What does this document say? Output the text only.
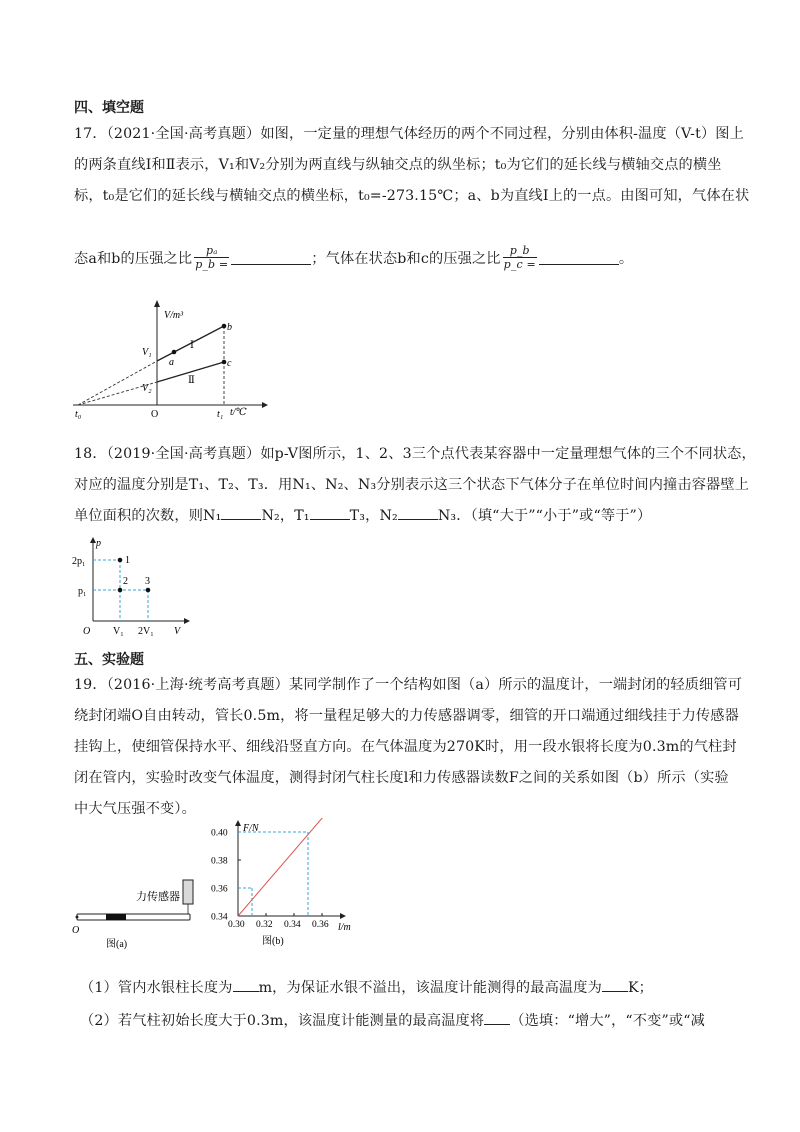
四、填空题
17．（2021·全国·高考真题）如图，一定量的理想气体经历的两个不同过程，分别由体积-温度（V-t）图上
的两条直线Ⅰ和Ⅱ表示，V₁和V₂分别为两直线与纵轴交点的纵坐标；t₀为它们的延长线与横轴交点的横坐
标，t₀是它们的延长线与横轴交点的横坐标，t₀=-273.15℃；a、b为直线Ⅰ上的一点。由图可知，气体在状
态a和b的压强之比 $\frac{\text{pₐ}}{p\_b =}$	；气体在状态b和c的压强之比 $\frac{p\_b}{p\_c =}$	。
V/m³
V₁
V₂
a
b
c
Ⅰ
Ⅱ
t₀	O	t₁ t/℃
18．（2019·全国·高考真题）如p-V图所示，1、2、3三个点代表某容器中一定量理想气体的三个不同状态，
对应的温度分别是T₁、T₂、T₃．用N₁、N₂、N₃分别表示这三个状态下气体分子在单位时间内撞击容器壁上
单位面积的次数，则N₁	N₂，T₁	T₃，N₂	N₃．（填“大于”“小于”或“等于”）
p
2p₁
p₁
1
2 3
O V₁ 2V₁ V
五、实验题
19．（2016·上海·统考高考真题）某同学制作了一个结构如图（a）所示的温度计，一端封闭的轻质细管可
绕封闭端O自由转动，管长0.5m，将一量程足够大的力传感器调零，细管的开口端通过细线挂于力传感器
挂钩上，使细管保持水平、细线沿竖直方向。在气体温度为270K时，用一段水银将长度为0.3m的气柱封
闭在管内，实验时改变气体温度，测得封闭气柱长度l和力传感器读数F之间的关系如图（b）所示（实验
中大气压强不变）。
力传感器
O
图(a)
0.40
0.38
0.36
0.34
0.30 0.32 0.34 0.36
F/N
l/m
图(b)
（1）管内水银柱长度为 m，为保证水银不溢出，该温度计能测得的最高温度为 K；
（2）若气柱初始长度大于0.3m，该温度计能测量的最高温度将 （选填：“增大”，“不变”或“减
